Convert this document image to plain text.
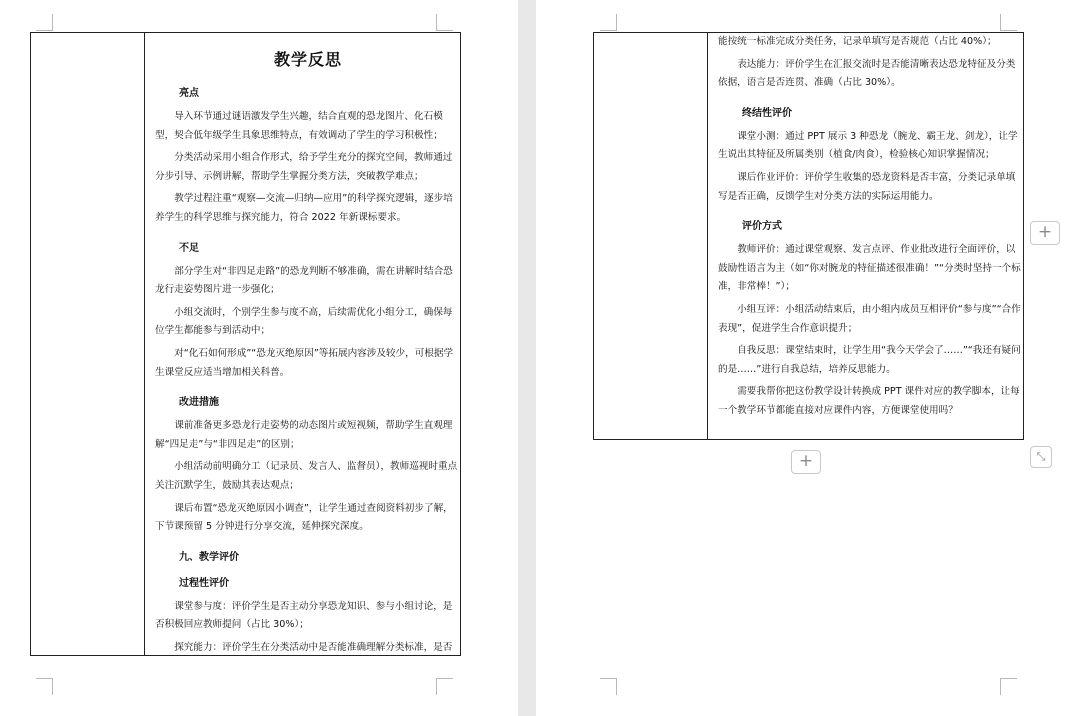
教学反思
亮点
导入环节通过谜语激发学生兴趣，结合直观的恐龙图片、化石模型，契合低年级学生具象思维特点，有效调动了学生的学习积极性；
分类活动采用小组合作形式，给予学生充分的探究空间，教师通过分步引导、示例讲解，帮助学生掌握分类方法，突破教学难点；
教学过程注重“观察—交流—归纳—应用”的科学探究逻辑，逐步培养学生的科学思维与探究能力，符合 2022 年新课标要求。
不足
部分学生对“非四足走路”的恐龙判断不够准确，需在讲解时结合恐龙行走姿势图片进一步强化；
小组交流时，个别学生参与度不高，后续需优化小组分工，确保每位学生都能参与到活动中；
对“化石如何形成”“恐龙灭绝原因”等拓展内容涉及较少，可根据学生课堂反应适当增加相关科普。
改进措施
课前准备更多恐龙行走姿势的动态图片或短视频，帮助学生直观理解“四足走”与“非四足走”的区别；
小组活动前明确分工（记录员、发言人、监督员），教师巡视时重点关注沉默学生，鼓励其表达观点；
课后布置“恐龙灭绝原因小调查”，让学生通过查阅资料初步了解，下节课预留 5 分钟进行分享交流，延伸探究深度。
九、教学评价
过程性评价
课堂参与度：评价学生是否主动分享恐龙知识、参与小组讨论，是否积极回应教师提问（占比 30%）；
探究能力：评价学生在分类活动中是否能准确理解分类标准，是否
能按统一标准完成分类任务，记录单填写是否规范（占比 40%）；
表达能力：评价学生在汇报交流时是否能清晰表达恐龙特征及分类依据，语言是否连贯、准确（占比 30%）。
终结性评价
课堂小测：通过 PPT 展示 3 种恐龙（腕龙、霸王龙、剑龙），让学生说出其特征及所属类别（植食/肉食），检验核心知识掌握情况；
课后作业评价：评价学生收集的恐龙资料是否丰富，分类记录单填写是否正确，反馈学生对分类方法的实际运用能力。
评价方式
教师评价：通过课堂观察、发言点评、作业批改进行全面评价，以鼓励性语言为主（如“你对腕龙的特征描述很准确！”“分类时坚持一个标准，非常棒！”）；
小组互评：小组活动结束后，由小组内成员互相评价“参与度”“合作表现”，促进学生合作意识提升；
自我反思：课堂结束时，让学生用“我今天学会了……”“我还有疑问的是……”进行自我总结，培养反思能力。
需要我帮你把这份教学设计转换成 PPT 课件对应的教学脚本，让每一个教学环节都能直接对应课件内容，方便课堂使用吗？
+
+	⤡
